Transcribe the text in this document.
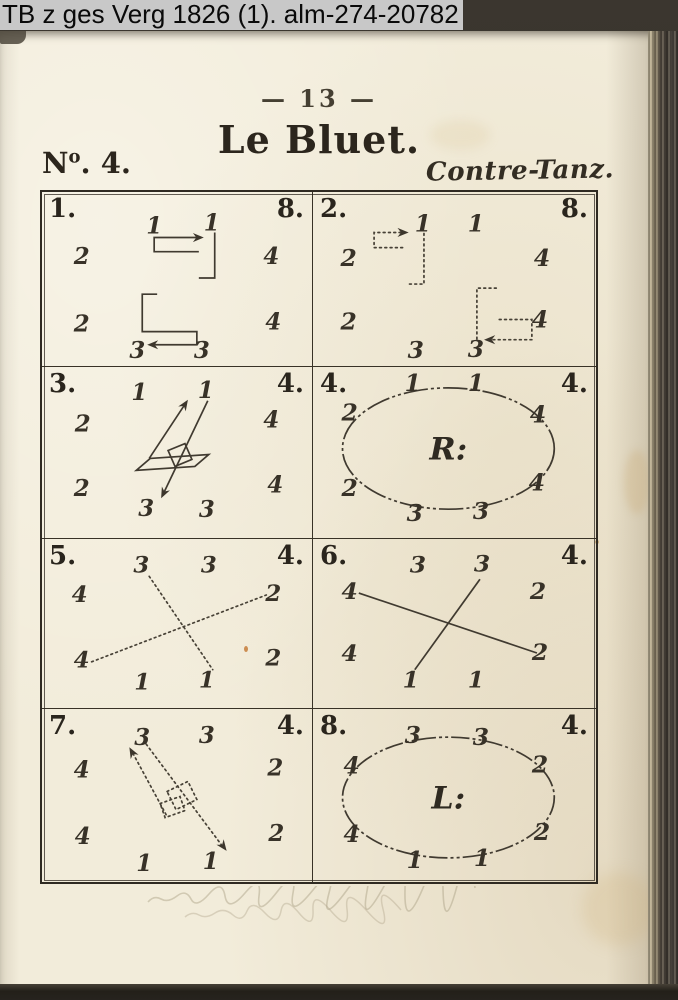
— 13 —
Le Bluet.
$N^o$. 4.	Contre-Tanz.
1.	8.
1 1
2	4
2	4
3 3
2.	8.
1 1
2	4
2	4
3 3
3.	4.
1 1
2	4
2	4
3 3
4.	4.
R:
1 1
2	4
2	4
3 3
5.	4.
3 3
4	2
4	2
1 1
6.	4.
3 3
4	2
4	2
1 1
7.	4.
3 3
4	2
4	2
1 1
8.	4.
L:
3 3
4	2
4	2
1 1
TB z ges Verg 1826 (1). alm-274-20782
